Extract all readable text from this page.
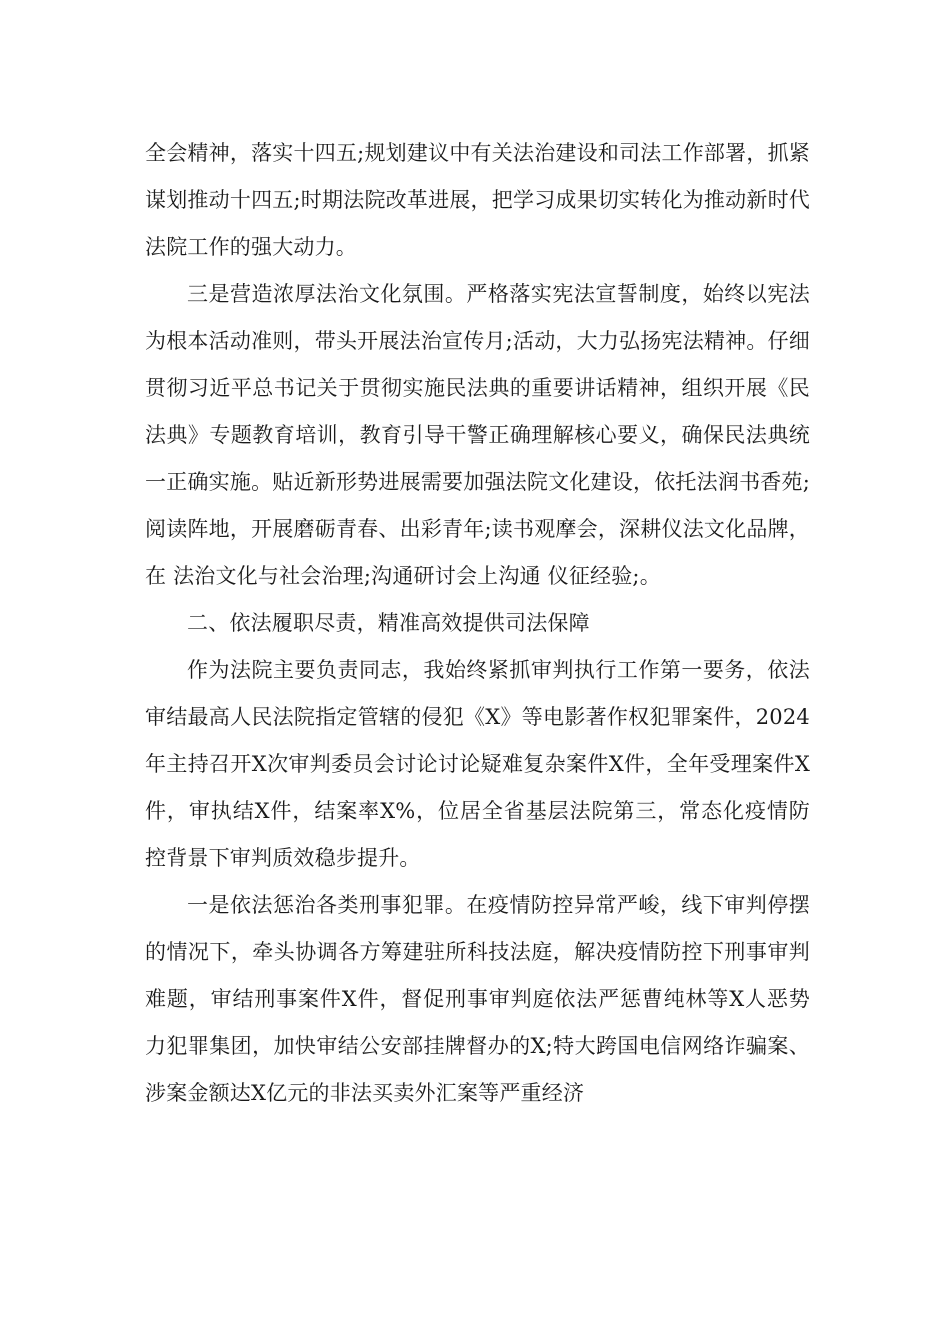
全会精神，落实十四五;规划建议中有关法治建设和司法工作部署，抓紧谋划推动十四五;时期法院改革进展，把学习成果切实转化为推动新时代法院工作的强大动力。

三是营造浓厚法治文化氛围。严格落实宪法宣誓制度，始终以宪法为根本活动准则，带头开展法治宣传月;活动，大力弘扬宪法精神。仔细贯彻习近平总书记关于贯彻实施民法典的重要讲话精神，组织开展《民法典》专题教育培训，教育引导干警正确理解核心要义，确保民法典统一正确实施。贴近新形势进展需要加强法院文化建设，依托法润书香苑;阅读阵地，开展磨砺青春、出彩青年;读书观摩会，深耕仪法文化品牌，在 法治文化与社会治理;沟通研讨会上沟通 仪征经验;。

二、依法履职尽责，精准高效提供司法保障

作为法院主要负责同志，我始终紧抓审判执行工作第一要务，依法审结最高人民法院指定管辖的侵犯《X》等电影著作权犯罪案件，2024年主持召开X次审判委员会讨论讨论疑难复杂案件X件，全年受理案件X件，审执结X件，结案率X%，位居全省基层法院第三，常态化疫情防控背景下审判质效稳步提升。

一是依法惩治各类刑事犯罪。在疫情防控异常严峻，线下审判停摆的情况下，牵头协调各方筹建驻所科技法庭，解决疫情防控下刑事审判难题，审结刑事案件X件，督促刑事审判庭依法严惩曹纯林等X人恶势力犯罪集团，加快审结公安部挂牌督办的X;特大跨国电信网络诈骗案、涉案金额达X亿元的非法买卖外汇案等严重经济
